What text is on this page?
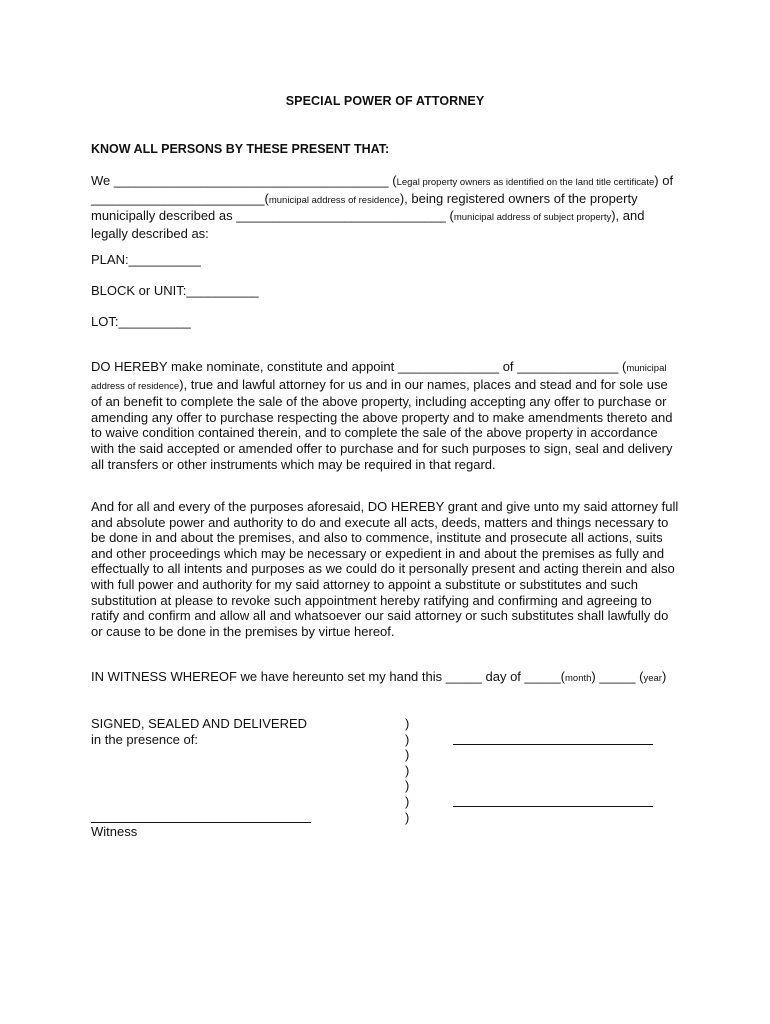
SPECIAL POWER OF ATTORNEY
KNOW ALL PERSONS BY THESE PRESENT THAT:
We ______________________________________ (Legal property owners as identified on the land title certificate) of ________________________(municipal address of residence), being registered owners of the property municipally described as _____________________________ (municipal address of subject property), and legally described as:
PLAN:__________
BLOCK or UNIT:__________
LOT:__________
DO HEREBY make nominate, constitute and appoint ______________ of ______________ (municipal address of residence), true and lawful attorney for us and in our names, places and stead and for sole use of an benefit to complete the sale of the above property, including accepting any offer to purchase or amending any offer to purchase respecting the above property and to make amendments thereto and to waive condition contained therein, and to complete the sale of the above property in accordance with the said accepted or amended offer to purchase and for such purposes to sign, seal and delivery all transfers or other instruments which may be required in that regard.
And for all and every of the purposes aforesaid, DO HEREBY grant and give unto my said attorney full and absolute power and authority to do and execute all acts, deeds, matters and things necessary to be done in and about the premises, and also to commence, institute and prosecute all actions, suits and other proceedings which may be necessary or expedient in and about the premises as fully and effectually to all intents and purposes as we could do it personally present and acting therein and also with full power and authority for my said attorney to appoint a substitute or substitutes and such substitution at please to revoke such appointment hereby ratifying and confirming and agreeing to ratify and confirm and allow all and whatsoever our said attorney or such substitutes shall lawfully do or cause to be done in the premises by virtue hereof.
IN WITNESS WHEREOF we have hereunto set my hand this _____ day of _____(month) _____ (year)
SIGNED, SEALED AND DELIVERED
in the presence of:
)
)
)
)
)
)
)
Witness
